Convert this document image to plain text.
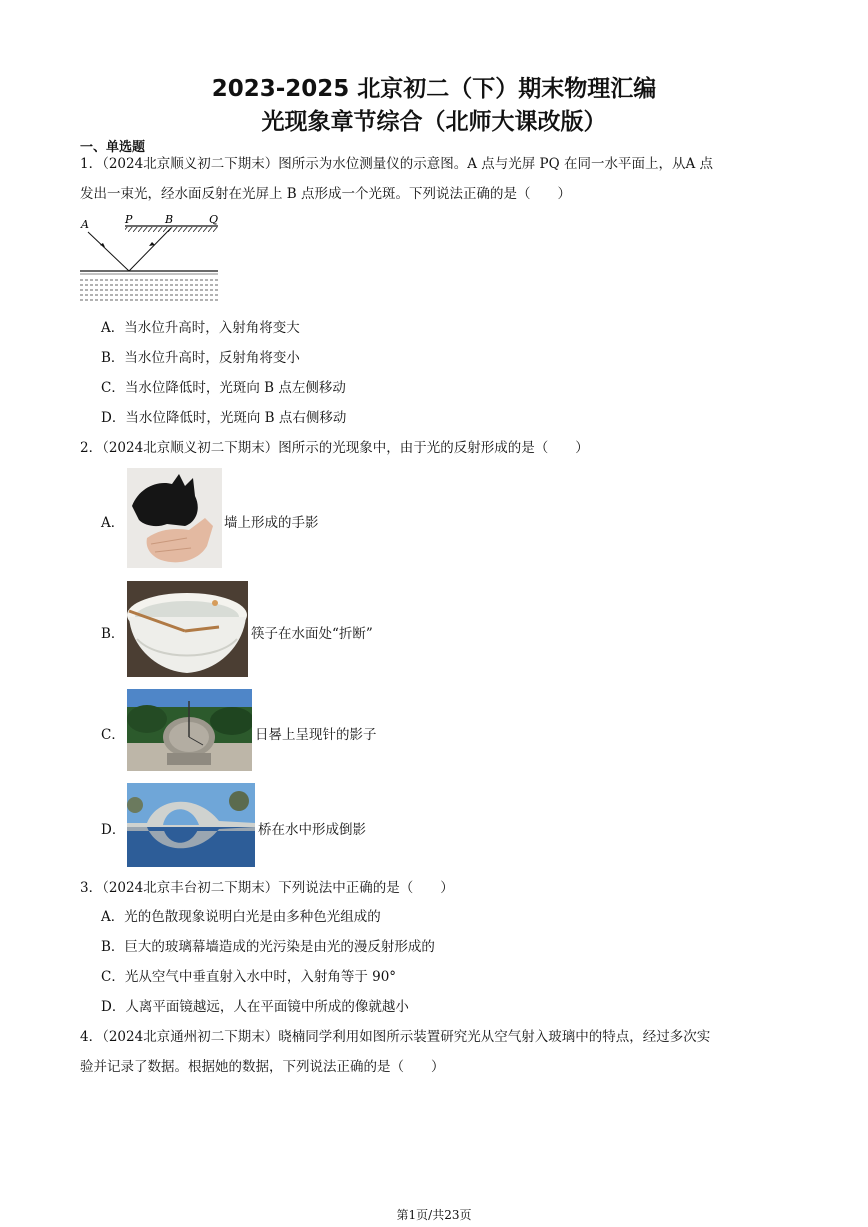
2023-2025 北京初二（下）期末物理汇编
光现象章节综合（北师大课改版）
一、单选题
1．（2024北京顺义初二下期末）图所示为水位测量仪的示意图。A 点与光屏 PQ 在同一水平面上，从A 点
发出一束光，经水面反射在光屏上 B 点形成一个光斑。下列说法正确的是（　　）
A	P	B	Q
A．当水位升高时，入射角将变大
B．当水位升高时，反射角将变小
C．当水位降低时，光斑向 B 点左侧移动
D．当水位降低时，光斑向 B 点右侧移动
2．（2024北京顺义初二下期末）图所示的光现象中，由于光的反射形成的是（　　）
A．	墙上形成的手影
B．	筷子在水面处“折断”
C．	日晷上呈现针的影子
D．	桥在水中形成倒影
3．（2024北京丰台初二下期末）下列说法中正确的是（　　）
A．光的色散现象说明白光是由多种色光组成的
B．巨大的玻璃幕墙造成的光污染是由光的漫反射形成的
C．光从空气中垂直射入水中时，入射角等于 90°
D．人离平面镜越远，人在平面镜中所成的像就越小
4．（2024北京通州初二下期末）晓楠同学利用如图所示装置研究光从空气射入玻璃中的特点，经过多次实
验并记录了数据。根据她的数据，下列说法正确的是（　　）
第1页/共23页
